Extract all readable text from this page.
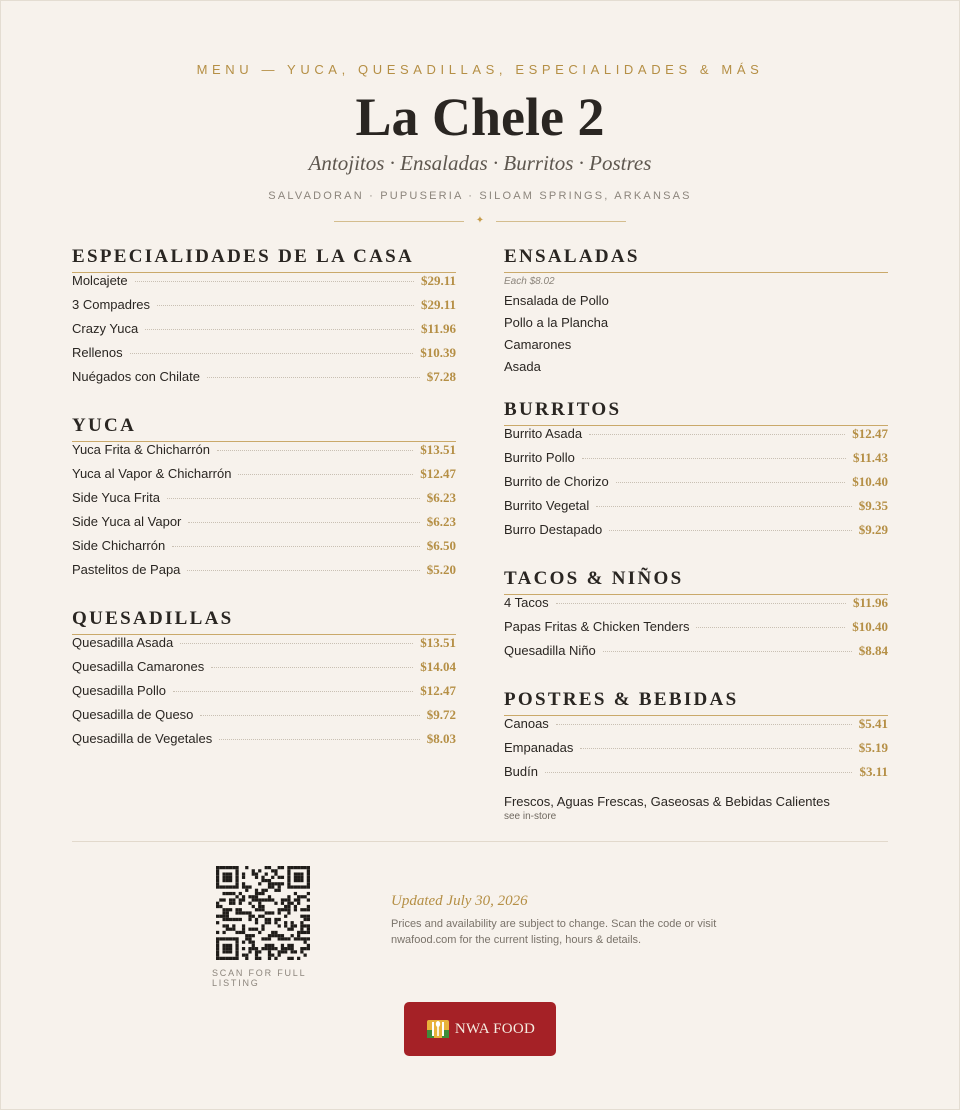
MENU — YUCA, QUESADILLAS, ESPECIALIDADES & MÁS
La Chele 2
Antojitos · Ensaladas · Burritos · Postres
SALVADORAN · PUPUSERIA · SILOAM SPRINGS, ARKANSAS
✦
ESPECIALIDADES DE LA CASA
Molcajete	$29.11
3 Compadres	$29.11
Crazy Yuca	$11.96
Rellenos	$10.39
Nuégados con Chilate	$7.28
YUCA
Yuca Frita & Chicharrón	$13.51
Yuca al Vapor & Chicharrón	$12.47
Side Yuca Frita	$6.23
Side Yuca al Vapor	$6.23
Side Chicharrón	$6.50
Pastelitos de Papa	$5.20
QUESADILLAS
Quesadilla Asada	$13.51
Quesadilla Camarones	$14.04
Quesadilla Pollo	$12.47
Quesadilla de Queso	$9.72
Quesadilla de Vegetales	$8.03
ENSALADAS
Each $8.02
Ensalada de Pollo
Pollo a la Plancha
Camarones
Asada
BURRITOS
Burrito Asada	$12.47
Burrito Pollo	$11.43
Burrito de Chorizo	$10.40
Burrito Vegetal	$9.35
Burro Destapado	$9.29
TACOS & NIÑOS
4 Tacos	$11.96
Papas Fritas & Chicken Tenders	$10.40
Quesadilla Niño	$8.84
POSTRES & BEBIDAS
Canoas	$5.41
Empanadas	$5.19
Budín	$3.11
Frescos, Aguas Frescas, Gaseosas & Bebidas Calientes
see in-store
SCAN FOR FULL LISTING
Updated July 30, 2026
Prices and availability are subject to change. Scan the code or visit nwafood.com for the current listing, hours & details.
NWA FOOD
